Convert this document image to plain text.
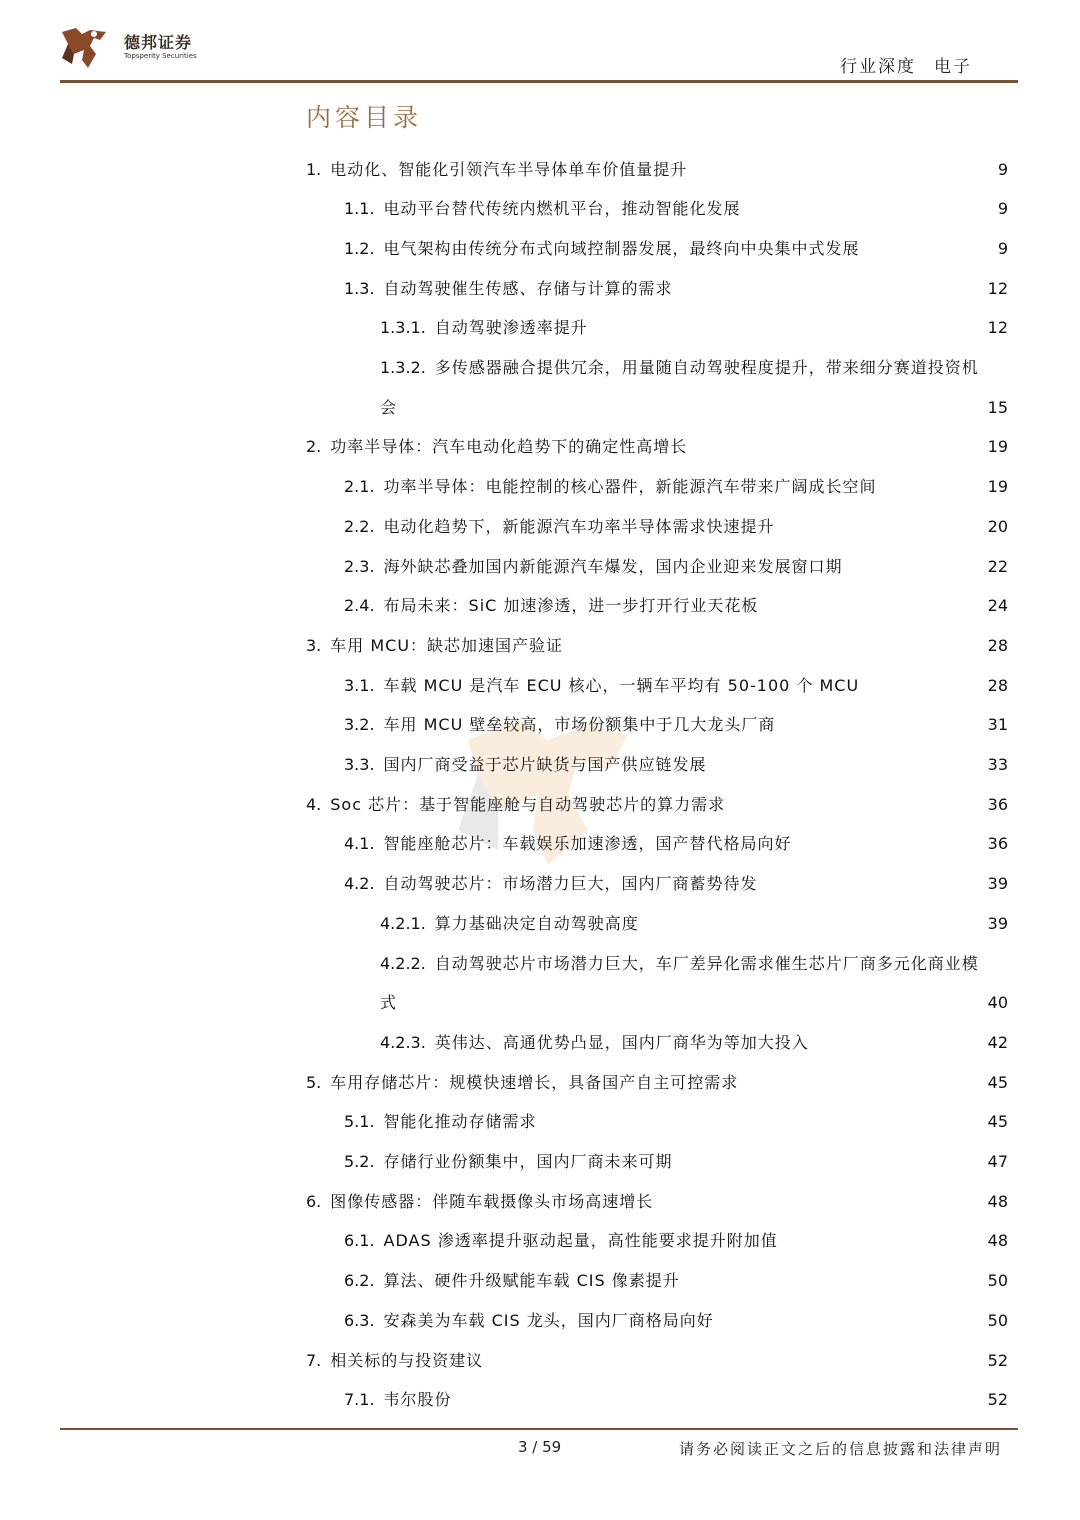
德邦证券
Topsperity Securities
行业深度 电子
内容目录
1. 电动化、智能化引领汽车半导体单车价值量提升	9
1.1. 电动平台替代传统内燃机平台，推动智能化发展	9
1.2. 电气架构由传统分布式向域控制器发展，最终向中央集中式发展	9
1.3. 自动驾驶催生传感、存储与计算的需求	12
1.3.1. 自动驾驶渗透率提升	12
1.3.2. 多传感器融合提供冗余，用量随自动驾驶程度提升，带来细分赛道投资机
会	15
2. 功率半导体：汽车电动化趋势下的确定性高增长	19
2.1. 功率半导体：电能控制的核心器件，新能源汽车带来广阔成长空间	19
2.2. 电动化趋势下，新能源汽车功率半导体需求快速提升	20
2.3. 海外缺芯叠加国内新能源汽车爆发，国内企业迎来发展窗口期	22
2.4. 布局未来：SiC 加速渗透，进一步打开行业天花板	24
3. 车用 MCU：缺芯加速国产验证	28
3.1. 车载 MCU 是汽车 ECU 核心，一辆车平均有 50-100 个 MCU	28
3.2. 车用 MCU 壁垒较高，市场份额集中于几大龙头厂商	31
3.3. 国内厂商受益于芯片缺货与国产供应链发展	33
4. Soc 芯片：基于智能座舱与自动驾驶芯片的算力需求	36
4.1. 智能座舱芯片：车载娱乐加速渗透，国产替代格局向好	36
4.2. 自动驾驶芯片：市场潜力巨大，国内厂商蓄势待发	39
4.2.1. 算力基础决定自动驾驶高度	39
4.2.2. 自动驾驶芯片市场潜力巨大，车厂差异化需求催生芯片厂商多元化商业模
式	40
4.2.3. 英伟达、高通优势凸显，国内厂商华为等加大投入	42
5. 车用存储芯片：规模快速增长，具备国产自主可控需求	45
5.1. 智能化推动存储需求	45
5.2. 存储行业份额集中，国内厂商未来可期	47
6. 图像传感器：伴随车载摄像头市场高速增长	48
6.1. ADAS 渗透率提升驱动起量，高性能要求提升附加值	48
6.2. 算法、硬件升级赋能车载 CIS 像素提升	50
6.3. 安森美为车载 CIS 龙头，国内厂商格局向好	50
7. 相关标的与投资建议	52
7.1. 韦尔股份	52
3 / 59	请务必阅读正文之后的信息披露和法律声明
